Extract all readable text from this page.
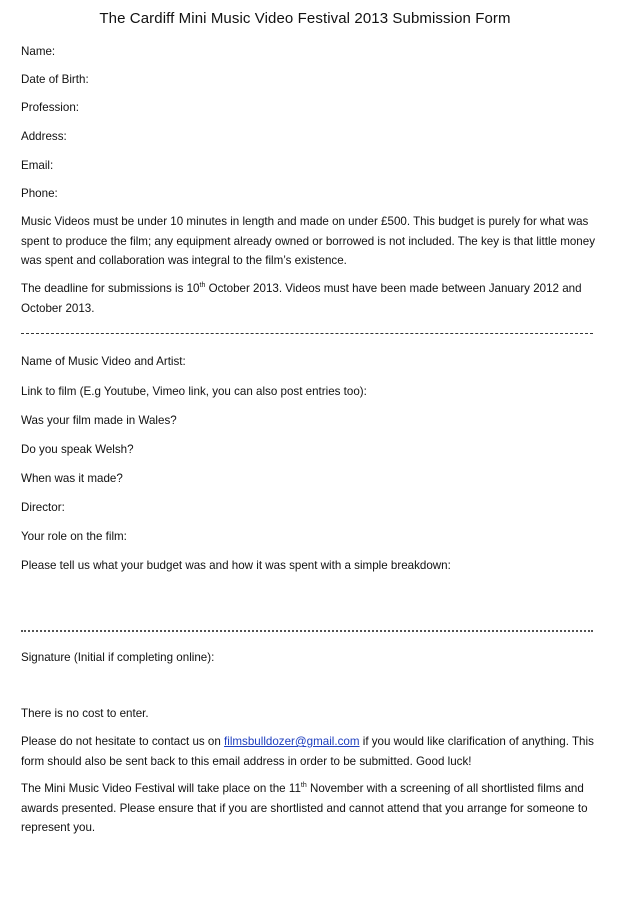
The Cardiff Mini Music Video Festival 2013 Submission Form
Name:
Date of Birth:
Profession:
Address:
Email:
Phone:
Music Videos must be under 10 minutes in length and made on under £500. This budget is purely for what was spent to produce the film; any equipment already owned or borrowed is not included. The key is that little money was spent and collaboration was integral to the film’s existence.
The deadline for submissions is 10th October 2013. Videos must have been made between January 2012 and October 2013.
Name of Music Video and Artist:
Link to film (E.g Youtube, Vimeo link, you can also post entries too):
Was your film made in Wales?
Do you speak Welsh?
When was it made?
Director:
Your role on the film:
Please tell us what your budget was and how it was spent with a simple breakdown:
Signature (Initial if completing online):
There is no cost to enter.
Please do not hesitate to contact us on filmsbulldozer@gmail.com if you would like clarification of anything. This form should also be sent back to this email address in order to be submitted. Good luck!
The Mini Music Video Festival will take place on the 11th November with a screening of all shortlisted films and awards presented. Please ensure that if you are shortlisted and cannot attend that you arrange for someone to represent you.
